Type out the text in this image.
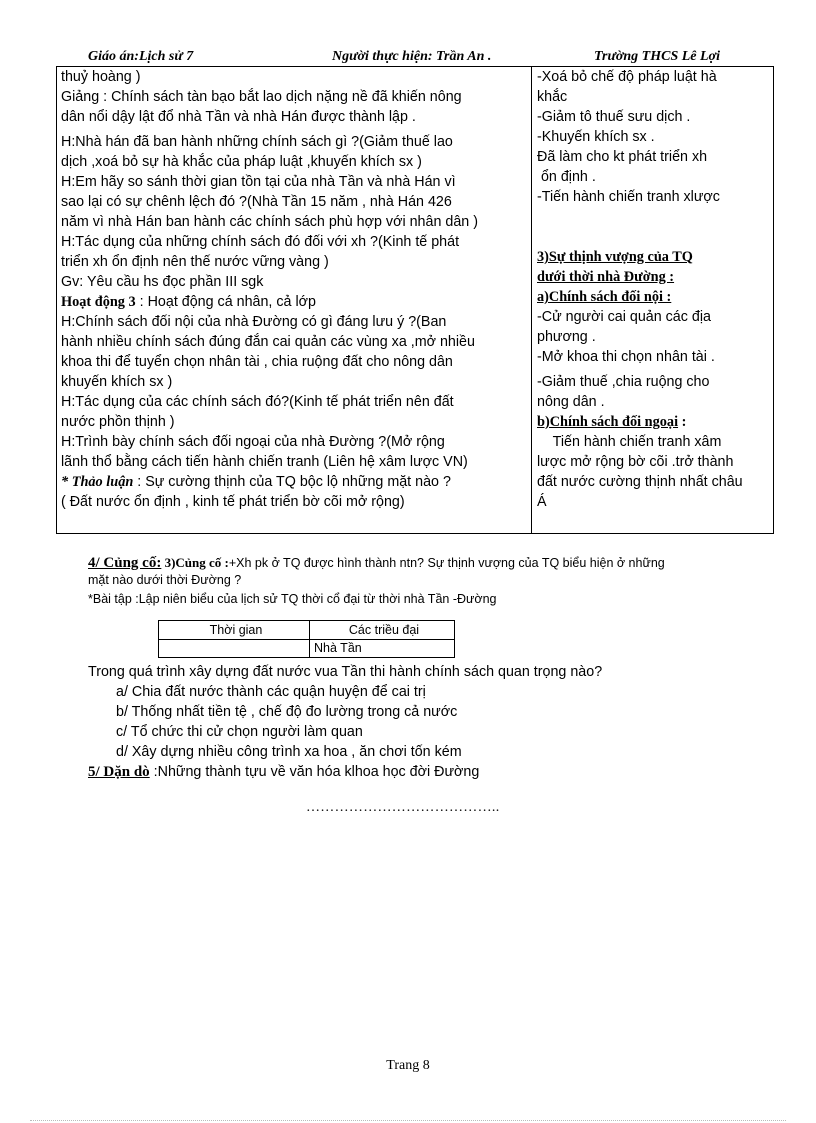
Giáo án:Lịch sử 7	Người thực hiện: Trần An .	Trường THCS Lê Lợi
thuỷ hoàng )
Giảng : Chính sách tàn bạo bắt lao dịch nặng nề đã khiến nông
dân nổi dậy lật đổ nhà Tần và nhà Hán được thành lập .
H:Nhà hán đã ban hành những chính sách gì ?(Giảm thuế lao
dịch ,xoá bỏ sự hà khắc của pháp luật ,khuyến khích sx )
H:Em hãy so sánh thời gian tồn tại của nhà Tần và nhà Hán vì
sao lại có sự chênh lệch đó ?(Nhà Tần 15 năm , nhà Hán 426
năm vì nhà Hán ban hành các chính sách phù hợp với nhân dân )
H:Tác dụng của những chính sách đó đối với xh ?(Kinh tế phát
triển xh ổn định nên thế nước vững vàng )
Gv: Yêu cầu hs đọc phần III sgk
Hoạt động 3 : Hoạt động cá nhân, cả lớp
H:Chính sách đối nội của nhà Đường có gì đáng lưu ý ?(Ban
hành nhiều chính sách đúng đắn cai quản các vùng xa ,mở nhiều
khoa thi để tuyển chọn nhân tài , chia ruộng đất cho nông dân
khuyến khích sx )
H:Tác dụng của các chính sách đó?(Kinh tế phát triển nên đất
nước phồn thịnh )
H:Trình bày chính sách đối ngoại của nhà Đường ?(Mở rộng
lãnh thổ bằng cách tiến hành chiến tranh (Liên hệ xâm lược VN)
* Thảo luận : Sự cường thịnh của TQ bộc lộ những mặt nào ?
( Đất nước ổn định , kinh tế phát triển bờ cõi mở rộng)
-Xoá bỏ chế độ pháp luật hà
khắc
-Giảm tô thuế sưu dịch .
-Khuyến khích sx .
Đã làm cho kt phát triển xh
ổn định .
-Tiến hành chiến tranh xlược

3)Sự thịnh vượng của TQ
dưới thời nhà Đường :
a)Chính sách đối nội :
-Cử người cai quản các địa
phương .
-Mở khoa thi chọn nhân tài .
-Giảm thuế ,chia ruộng cho
nông dân .
b)Chính sách đối ngoại :
Tiến hành chiến tranh xâm
lược mở rộng bờ cõi .trở thành
đất nước cường thịnh nhất châu
Á
4/ Củng cố: 3)Củng cố :+Xh pk ở TQ được hình thành ntn? Sự thịnh vượng của TQ biểu hiện ở những
mặt nào dưới thời Đường ?
*Bài tập :Lập niên biểu của lịch sử TQ thời cổ đại từ thời nhà Tần -Đường
Thời gian	Các triều đại
	Nhà Tần
Trong quá trình xây dựng đất nước vua Tần thi hành chính sách quan trọng nào?
a/ Chia đất nước thành các quận huyện để cai trị
b/ Thống nhất tiền tệ , chế độ đo lường trong cả nước
c/ Tổ chức thi cử chọn người làm quan
d/ Xây dựng nhiều công trình xa hoa , ăn chơi tốn kém
5/ Dặn dò :Những thành tựu về văn hóa klhoa học đời Đường
…………………………………..
Trang 8
